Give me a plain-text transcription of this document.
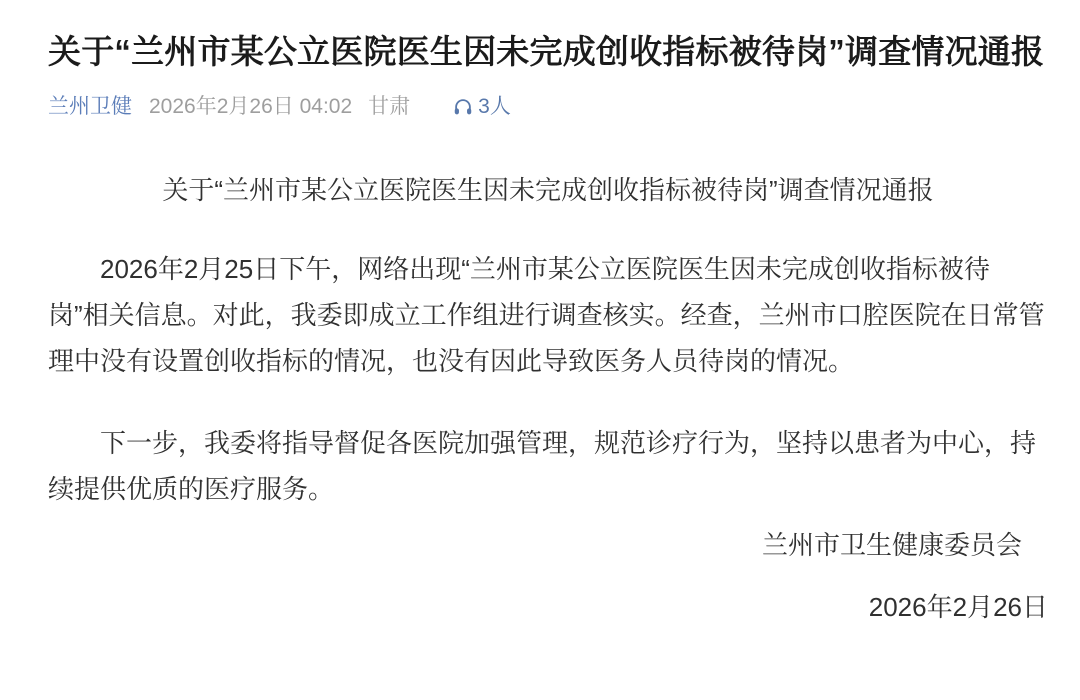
关于“兰州市某公立医院医生因未完成创收指标被待岗”调查情况通报
兰州卫健 2026年2月26日 04:02 甘肃	3人

关于“兰州市某公立医院医生因未完成创收指标被待岗”调查情况通报

2026年2月25日下午，网络出现“兰州市某公立医院医生因未完成创收指标被待岗”相关信息。对此，我委即成立工作组进行调查核实。经查，兰州市口腔医院在日常管理中没有设置创收指标的情况，也没有因此导致医务人员待岗的情况。

下一步，我委将指导督促各医院加强管理，规范诊疗行为，坚持以患者为中心，持续提供优质的医疗服务。

兰州市卫生健康委员会

2026年2月26日
